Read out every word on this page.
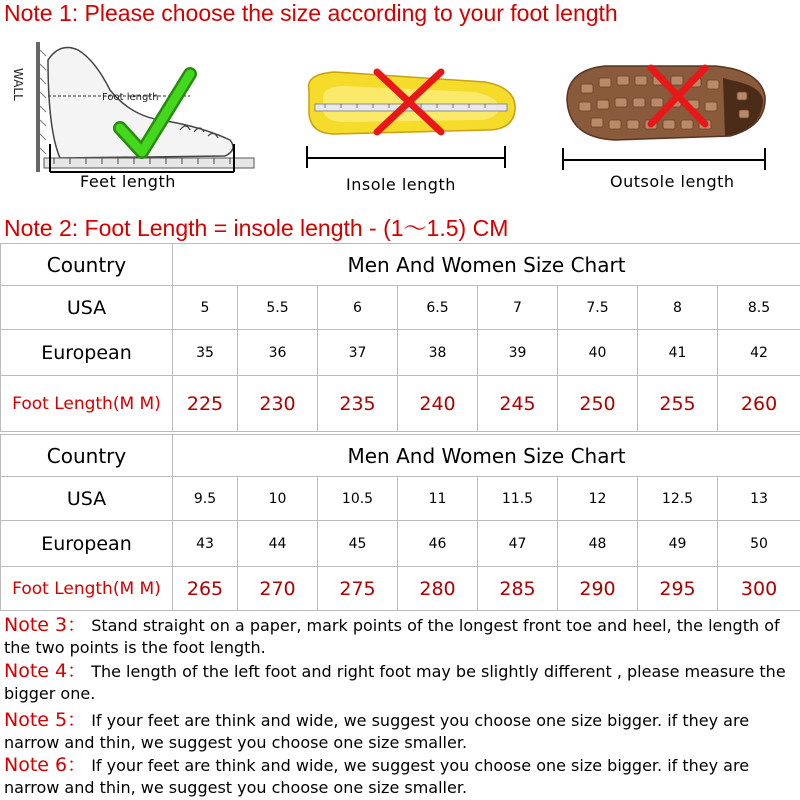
Note 1: Please choose the size according to your foot length
WALL	Foot length
Feet length	Insole length	Outsole length
Note 2: Foot Length = insole length - (1～1.5) CM
Country	Men And Women Size Chart							
USA	5	5.5	6	6.5	7	7.5	8	8.5
European	35	36	37	38	39	40	41	42
Foot Length(M M)	225	230	235	240	245	250	255	260
Country	Men And Women Size Chart							
USA	9.5	10	10.5	11	11.5	12	12.5	13
European	43	44	45	46	47	48	49	50
Foot Length(M M)	265	270	275	280	285	290	295	300
Note 3： Stand straight on a paper, mark points of the longest front toe and heel, the length of the two points is the foot length.
Note 4： The length of the left foot and right foot may be slightly different , please measure the bigger one.
Note 5： If your feet are think and wide, we suggest you choose one size bigger. if they are narrow and thin, we suggest you choose one size smaller.
Note 6： If your feet are think and wide, we suggest you choose one size bigger. if they are narrow and thin, we suggest you choose one size smaller.
